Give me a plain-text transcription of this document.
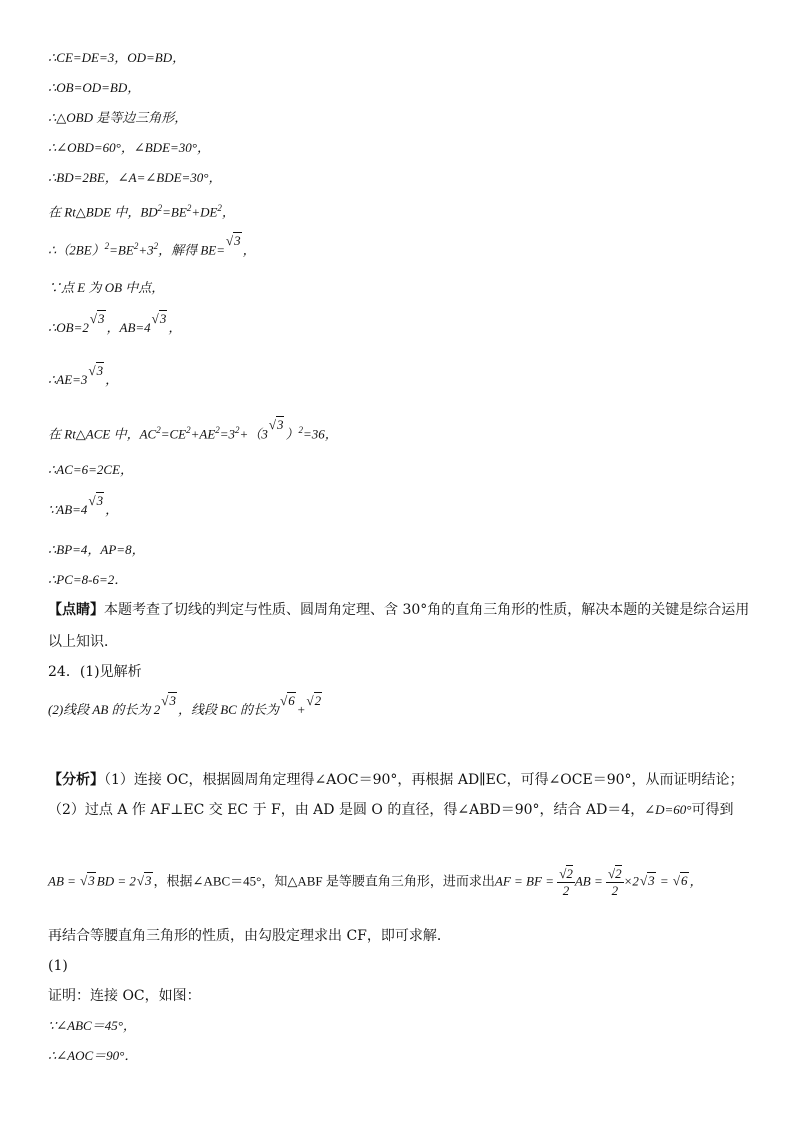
∴CE=DE=3，OD=BD，
∴OB=OD=BD，
∴△OBD 是等边三角形，
∴∠OBD=60°，∠BDE=30°，
∴BD=2BE，∠A=∠BDE=30°，
在 Rt△BDE 中，$BD^2=BE^2+DE^2$，
$\therefore(2BE)^2=BE^2+3^2$，解得 BE=√3，
∵点 E 为 OB 中点，
∴OB=2√3，AB=4√3，
∴AE=3√3，
在 Rt△ACE 中，$AC^2=CE^2+AE^2=3^2+(3√3)^2=36$，
∴AC=6=2CE，
∵AB=4√3，
∴BP=4，AP=8，
∴PC=8-6=2．
【点睛】本题考查了切线的判定与性质、圆周角定理、含 30°角的直角三角形的性质，解决本题的关键是综合运用
以上知识．
24．(1)见解析
(2)线段 AB 的长为 2√3，线段 BC 的长为√6+√2
【分析】（1）连接 OC，根据圆周角定理得∠AOC＝90°，再根据 AD∥EC，可得∠OCE＝90°，从而证明结论；
（2）过点 A 作 AF⊥EC 交 EC 于 F，由 AD 是圆 O 的直径，得∠ABD＝90°，结合 AD＝4，∠D=60°可得到
AB = √3 BD = 2√3 ，根据∠ABC＝45°，知△ABF 是等腰直角三角形，进而求出AF = BF = $\frac{√2}{2}$ AB = $\frac{√2}{2} \times 2√3 = √6$ ，
再结合等腰直角三角形的性质，由勾股定理求出 CF，即可求解．
(1)
证明：连接 OC，如图：
∵∠ABC＝45°，
∴∠AOC＝90°．
